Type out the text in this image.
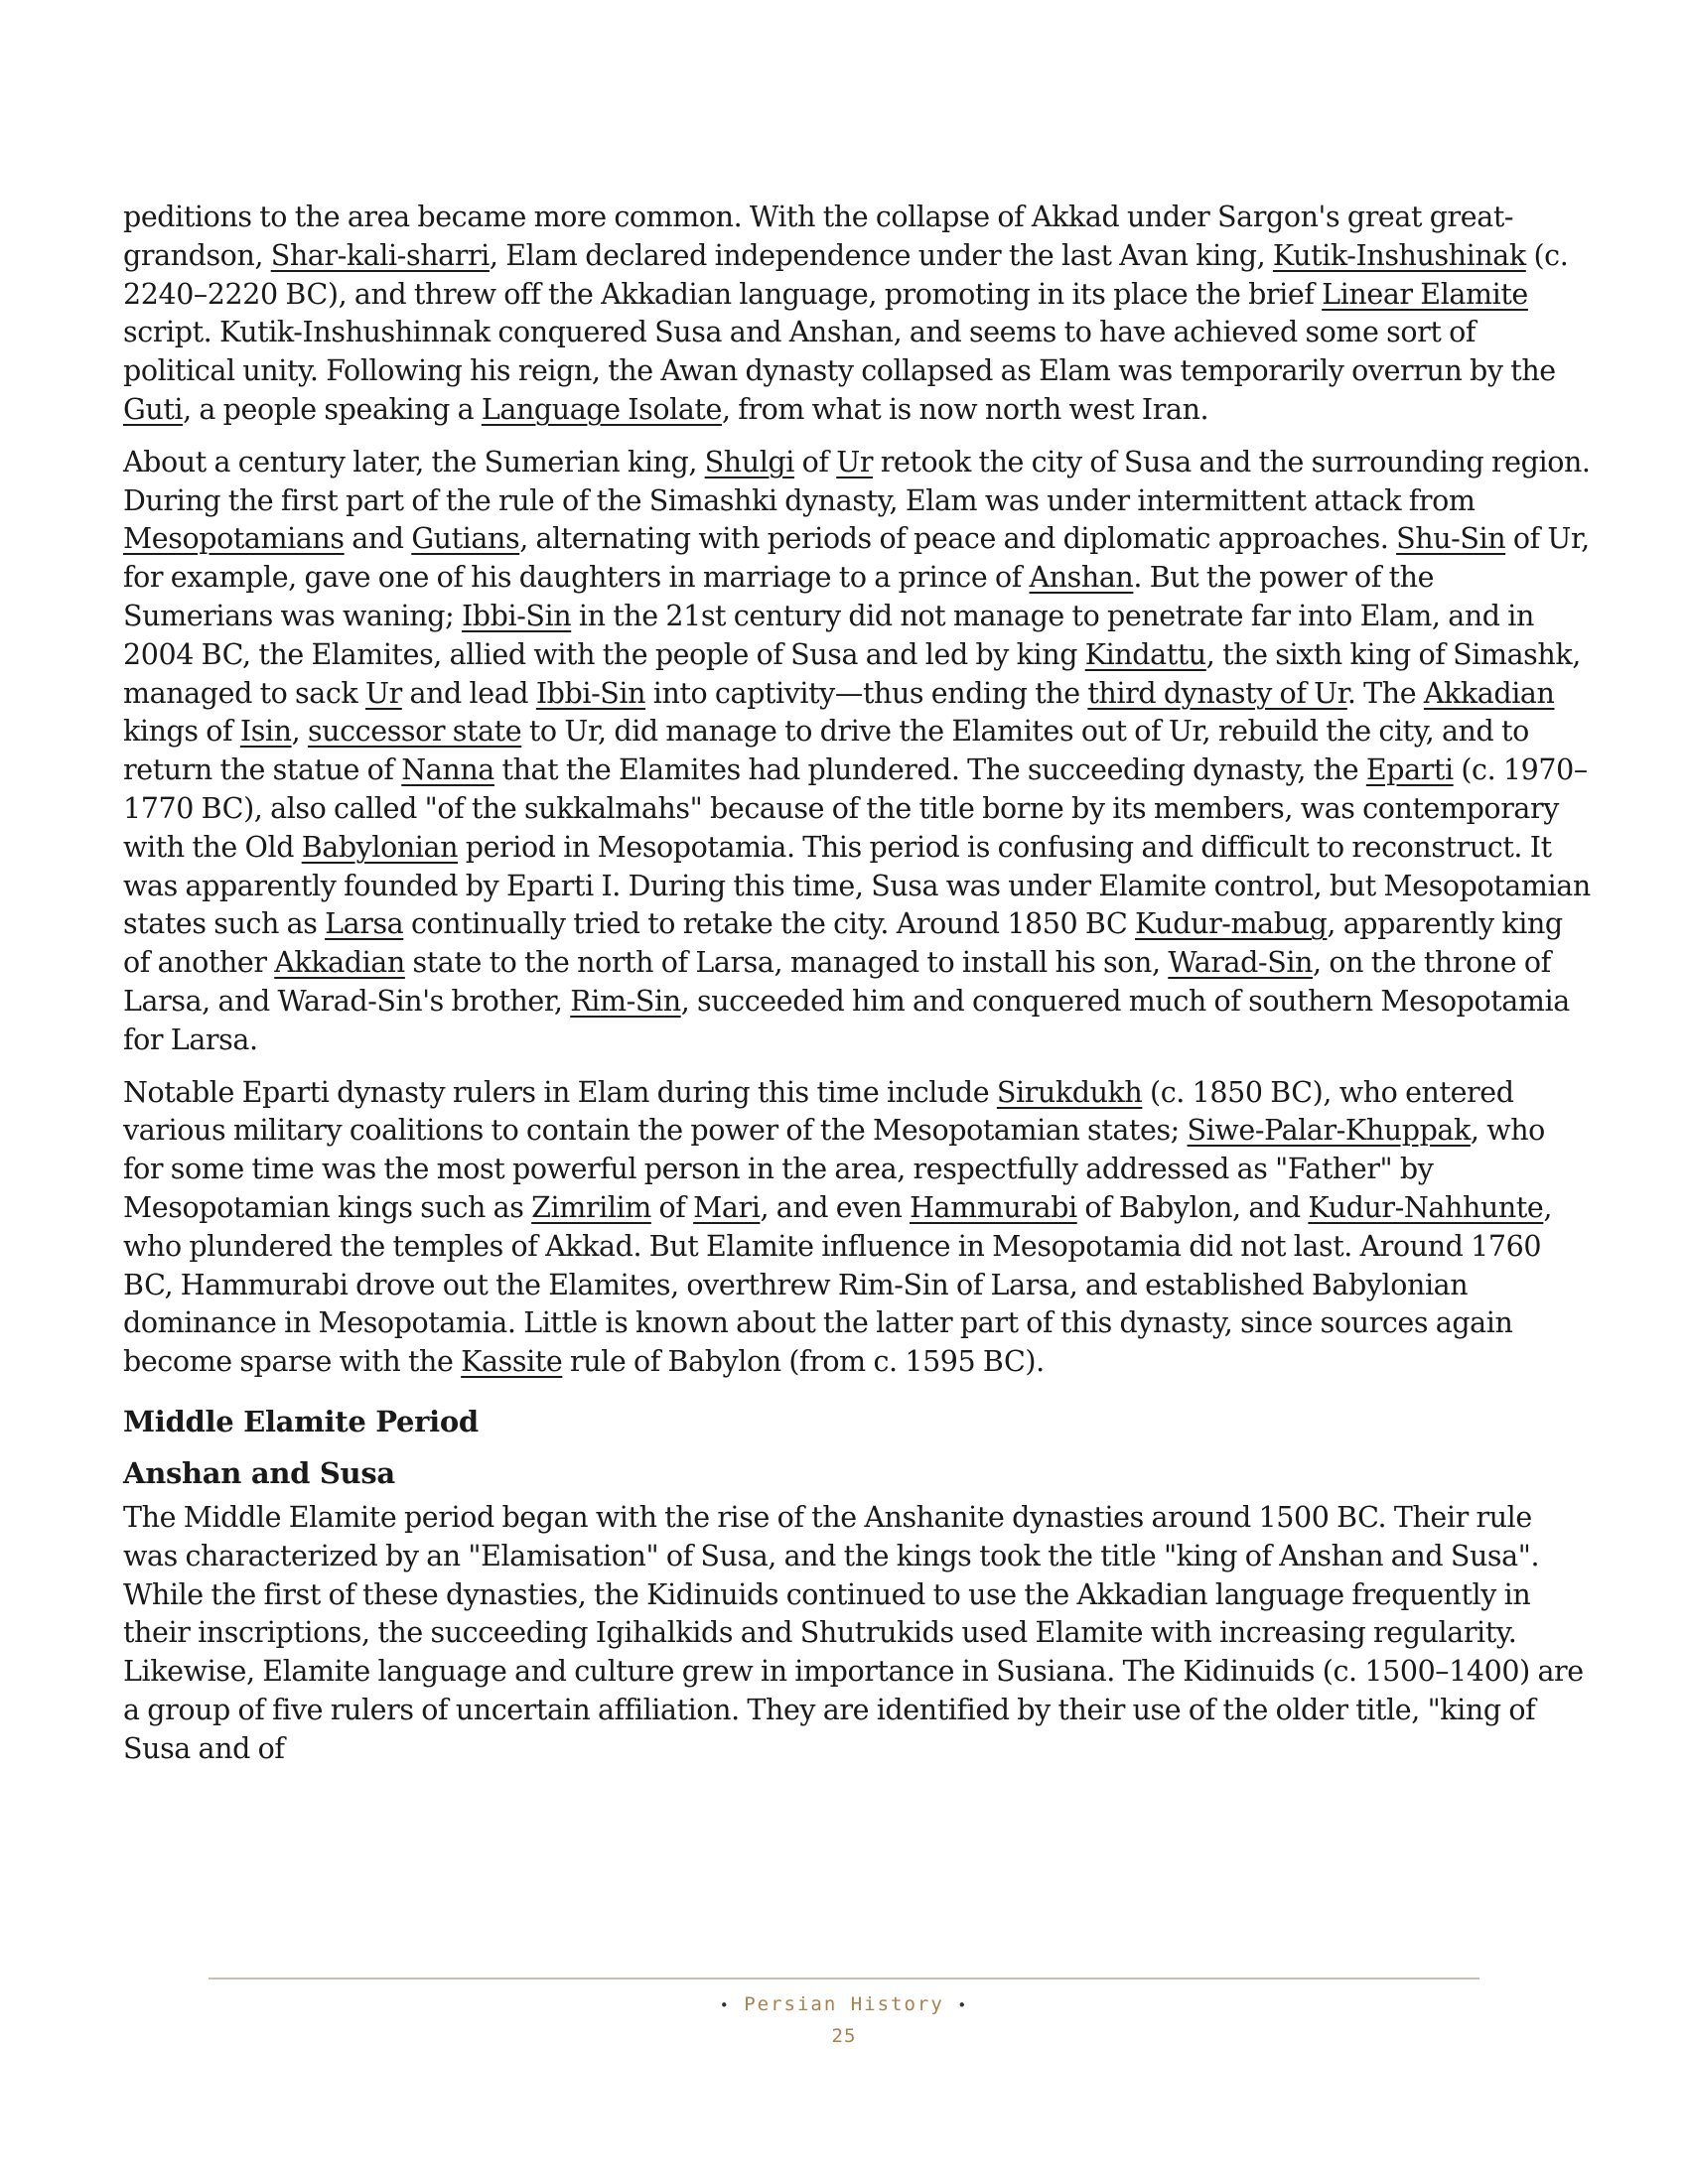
peditions to the area became more common. With the collapse of Akkad under Sargon's great great-grandson, Shar-kali-sharri, Elam declared independence under the last Avan king, Kutik-Inshushinak (c. 2240–2220 BC), and threw off the Akkadian language, promoting in its place the brief Linear Elamite script. Kutik-Inshushinnak conquered Susa and Anshan, and seems to have achieved some sort of political unity. Following his reign, the Awan dynasty collapsed as Elam was temporarily overrun by the Guti, a people speaking a Language Isolate, from what is now north west Iran.

About a century later, the Sumerian king, Shulgi of Ur retook the city of Susa and the surrounding region. During the first part of the rule of the Simashki dynasty, Elam was under intermittent attack from Mesopotamians and Gutians, alternating with periods of peace and diplomatic approaches. Shu-Sin of Ur, for example, gave one of his daughters in marriage to a prince of Anshan. But the power of the Sumerians was waning; Ibbi-Sin in the 21st century did not manage to penetrate far into Elam, and in 2004 BC, the Elamites, allied with the people of Susa and led by king Kindattu, the sixth king of Simashk, managed to sack Ur and lead Ibbi-Sin into captivity—thus ending the third dynasty of Ur. The Akkadian kings of Isin, successor state to Ur, did manage to drive the Elamites out of Ur, rebuild the city, and to return the statue of Nanna that the Elamites had plundered. The succeeding dynasty, the Eparti (c. 1970–1770 BC), also called "of the sukkalmahs" because of the title borne by its members, was contemporary with the Old Babylonian period in Mesopotamia. This period is confusing and difficult to reconstruct. It was apparently founded by Eparti I. During this time, Susa was under Elamite control, but Mesopotamian states such as Larsa continually tried to retake the city. Around 1850 BC Kudur-mabug, apparently king of another Akkadian state to the north of Larsa, managed to install his son, Warad-Sin, on the throne of Larsa, and Warad-Sin's brother, Rim-Sin, succeeded him and conquered much of southern Mesopotamia for Larsa.

Notable Eparti dynasty rulers in Elam during this time include Sirukdukh (c. 1850 BC), who entered various military coalitions to contain the power of the Mesopotamian states; Siwe-Palar-Khuppak, who for some time was the most powerful person in the area, respectfully addressed as "Father" by Mesopotamian kings such as Zimrilim of Mari, and even Hammurabi of Babylon, and Kudur-Nahhunte, who plundered the temples of Akkad. But Elamite influence in Mesopotamia did not last. Around 1760 BC, Hammurabi drove out the Elamites, overthrew Rim-Sin of Larsa, and established Babylonian dominance in Mesopotamia. Little is known about the latter part of this dynasty, since sources again become sparse with the Kassite rule of Babylon (from c. 1595 BC).

Middle Elamite Period
Anshan and Susa

The Middle Elamite period began with the rise of the Anshanite dynasties around 1500 BC. Their rule was characterized by an "Elamisation" of Susa, and the kings took the title "king of Anshan and Susa". While the first of these dynasties, the Kidinuids continued to use the Akkadian language frequently in their inscriptions, the succeeding Igihalkids and Shutrukids used Elamite with increasing regularity. Likewise, Elamite language and culture grew in importance in Susiana. The Kidinuids (c. 1500–1400) are a group of five rulers of uncertain affiliation. They are identified by their use of the older title, "king of Susa and of

• Persian History •
25
